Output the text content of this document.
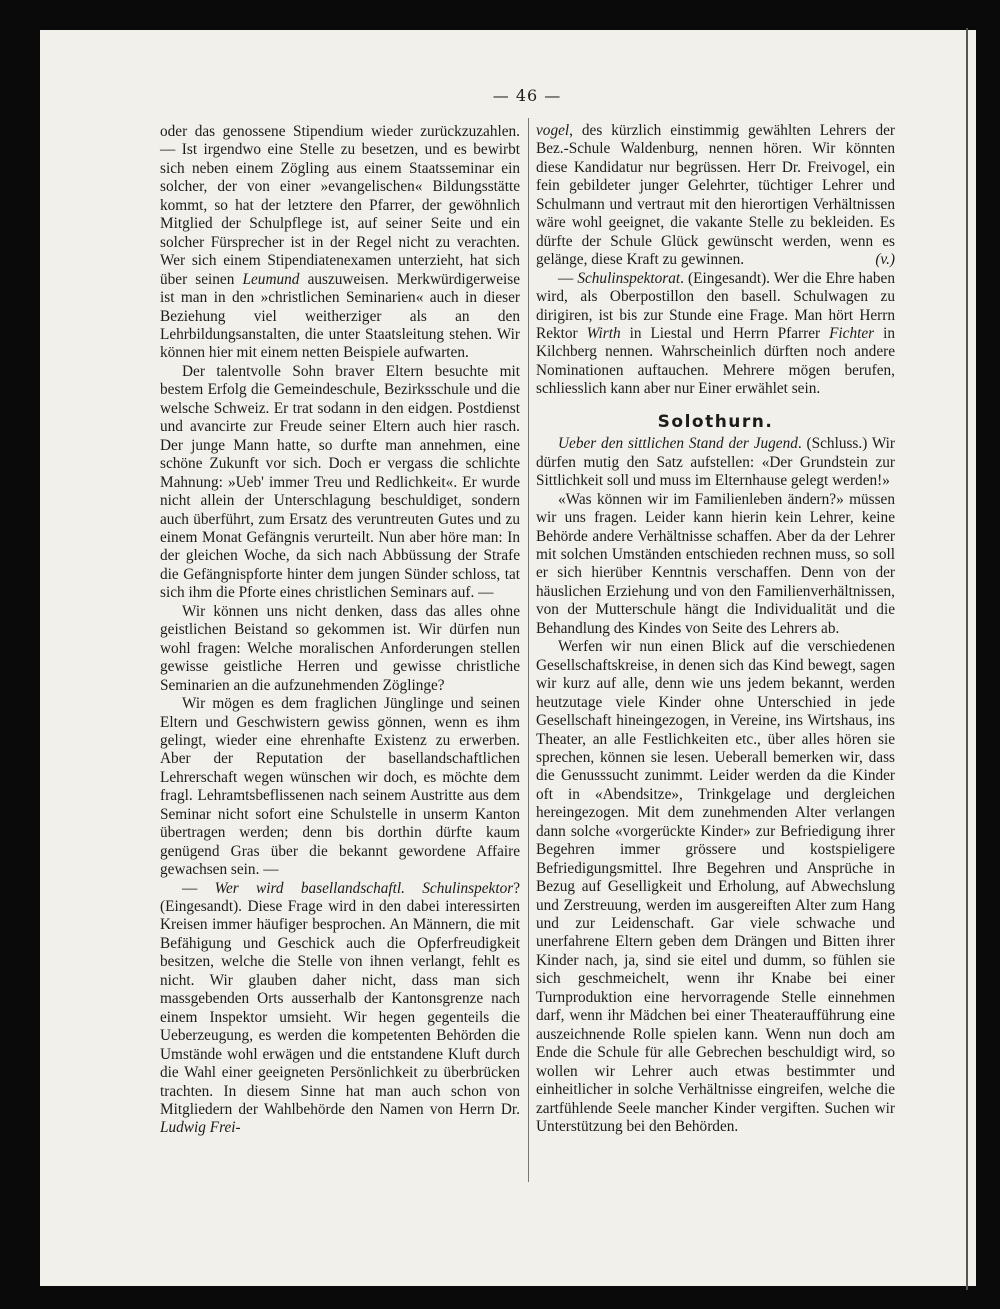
— 46 —

oder das genossene Stipendium wieder zurückzuzahlen. — Ist irgendwo eine Stelle zu besetzen, und es bewirbt sich neben einem Zögling aus einem Staatsseminar ein solcher, der von einer »evangelischen« Bildungsstätte kommt, so hat der letztere den Pfarrer, der gewöhnlich Mitglied der Schulpflege ist, auf seiner Seite und ein solcher Fürsprecher ist in der Regel nicht zu verachten. Wer sich einem Stipendiatenexamen unterzieht, hat sich über seinen Leumund auszuweisen. Merkwürdigerweise ist man in den »christlichen Seminarien« auch in dieser Beziehung viel weitherziger als an den Lehrbildungsanstalten, die unter Staatsleitung stehen. Wir können hier mit einem netten Beispiele aufwarten.

Der talentvolle Sohn braver Eltern besuchte mit bestem Erfolg die Gemeindeschule, Bezirksschule und die welsche Schweiz. Er trat sodann in den eidgen. Postdienst und avancirte zur Freude seiner Eltern auch hier rasch. Der junge Mann hatte, so durfte man annehmen, eine schöne Zukunft vor sich. Doch er vergass die schlichte Mahnung: »Ueb' immer Treu und Redlichkeit«. Er wurde nicht allein der Unterschlagung beschuldiget, sondern auch überführt, zum Ersatz des veruntreuten Gutes und zu einem Monat Gefängnis verurteilt. Nun aber höre man: In der gleichen Woche, da sich nach Abbüssung der Strafe die Gefängnispforte hinter dem jungen Sünder schloss, tat sich ihm die Pforte eines christlichen Seminars auf. —

Wir können uns nicht denken, dass das alles ohne geistlichen Beistand so gekommen ist. Wir dürfen nun wohl fragen: Welche moralischen Anforderungen stellen gewisse geistliche Herren und gewisse christliche Seminarien an die aufzunehmenden Zöglinge?

Wir mögen es dem fraglichen Jünglinge und seinen Eltern und Geschwistern gewiss gönnen, wenn es ihm gelingt, wieder eine ehrenhafte Existenz zu erwerben. Aber der Reputation der basellandschaftlichen Lehrerschaft wegen wünschen wir doch, es möchte dem fragl. Lehramtsbeflissenen nach seinem Austritte aus dem Seminar nicht sofort eine Schulstelle in unserm Kanton übertragen werden; denn bis dorthin dürfte kaum genügend Gras über die bekannt gewordene Affaire gewachsen sein. —

— Wer wird basellandschaftl. Schulinspektor? (Eingesandt). Diese Frage wird in den dabei interessirten Kreisen immer häufiger besprochen. An Männern, die mit Befähigung und Geschick auch die Opferfreudigkeit besitzen, welche die Stelle von ihnen verlangt, fehlt es nicht. Wir glauben daher nicht, dass man sich massgebenden Orts ausserhalb der Kantonsgrenze nach einem Inspektor umsieht. Wir hegen gegenteils die Ueberzeugung, es werden die kompetenten Behörden die Umstände wohl erwägen und die entstandene Kluft durch die Wahl einer geeigneten Persönlichkeit zu überbrücken trachten. In diesem Sinne hat man auch schon von Mitgliedern der Wahlbehörde den Namen von Herrn Dr. Ludwig Frei-

vogel, des kürzlich einstimmig gewählten Lehrers der Bez.-Schule Waldenburg, nennen hören. Wir könnten diese Kandidatur nur begrüssen. Herr Dr. Freivogel, ein fein gebildeter junger Gelehrter, tüchtiger Lehrer und Schulmann und vertraut mit den hierortigen Verhältnissen wäre wohl geeignet, die vakante Stelle zu bekleiden. Es dürfte der Schule Glück gewünscht werden, wenn es gelänge, diese Kraft zu gewinnen.	(v.)

— Schulinspektorat. (Eingesandt). Wer die Ehre haben wird, als Oberpostillon den basell. Schulwagen zu dirigiren, ist bis zur Stunde eine Frage. Man hört Herrn Rektor Wirth in Liestal und Herrn Pfarrer Fichter in Kilchberg nennen. Wahrscheinlich dürften noch andere Nominationen auftauchen. Mehrere mögen berufen, schliesslich kann aber nur Einer erwählet sein.

Solothurn.

Ueber den sittlichen Stand der Jugend. (Schluss.) Wir dürfen mutig den Satz aufstellen: «Der Grundstein zur Sittlichkeit soll und muss im Elternhause gelegt werden!»

«Was können wir im Familienleben ändern?» müssen wir uns fragen. Leider kann hierin kein Lehrer, keine Behörde andere Verhältnisse schaffen. Aber da der Lehrer mit solchen Umständen entschieden rechnen muss, so soll er sich hierüber Kenntnis verschaffen. Denn von der häuslichen Erziehung und von den Familienverhältnissen, von der Mutterschule hängt die Individualität und die Behandlung des Kindes von Seite des Lehrers ab.

Werfen wir nun einen Blick auf die verschiedenen Gesellschaftskreise, in denen sich das Kind bewegt, sagen wir kurz auf alle, denn wie uns jedem bekannt, werden heutzutage viele Kinder ohne Unterschied in jede Gesellschaft hineingezogen, in Vereine, ins Wirtshaus, ins Theater, an alle Festlichkeiten etc., über alles hören sie sprechen, können sie lesen. Ueberall bemerken wir, dass die Genusssucht zunimmt. Leider werden da die Kinder oft in «Abendsitze», Trinkgelage und dergleichen hereingezogen. Mit dem zunehmenden Alter verlangen dann solche «vorgerückte Kinder» zur Befriedigung ihrer Begehren immer grössere und kostspieligere Befriedigungsmittel. Ihre Begehren und Ansprüche in Bezug auf Geselligkeit und Erholung, auf Abwechslung und Zerstreuung, werden im ausgereiften Alter zum Hang und zur Leidenschaft. Gar viele schwache und unerfahrene Eltern geben dem Drängen und Bitten ihrer Kinder nach, ja, sind sie eitel und dumm, so fühlen sie sich geschmeichelt, wenn ihr Knabe bei einer Turnproduktion eine hervorragende Stelle einnehmen darf, wenn ihr Mädchen bei einer Theateraufführung eine auszeichnende Rolle spielen kann. Wenn nun doch am Ende die Schule für alle Gebrechen beschuldigt wird, so wollen wir Lehrer auch etwas bestimmter und einheitlicher in solche Verhältnisse eingreifen, welche die zartfühlende Seele mancher Kinder vergiften. Suchen wir Unterstützung bei den Behörden.
